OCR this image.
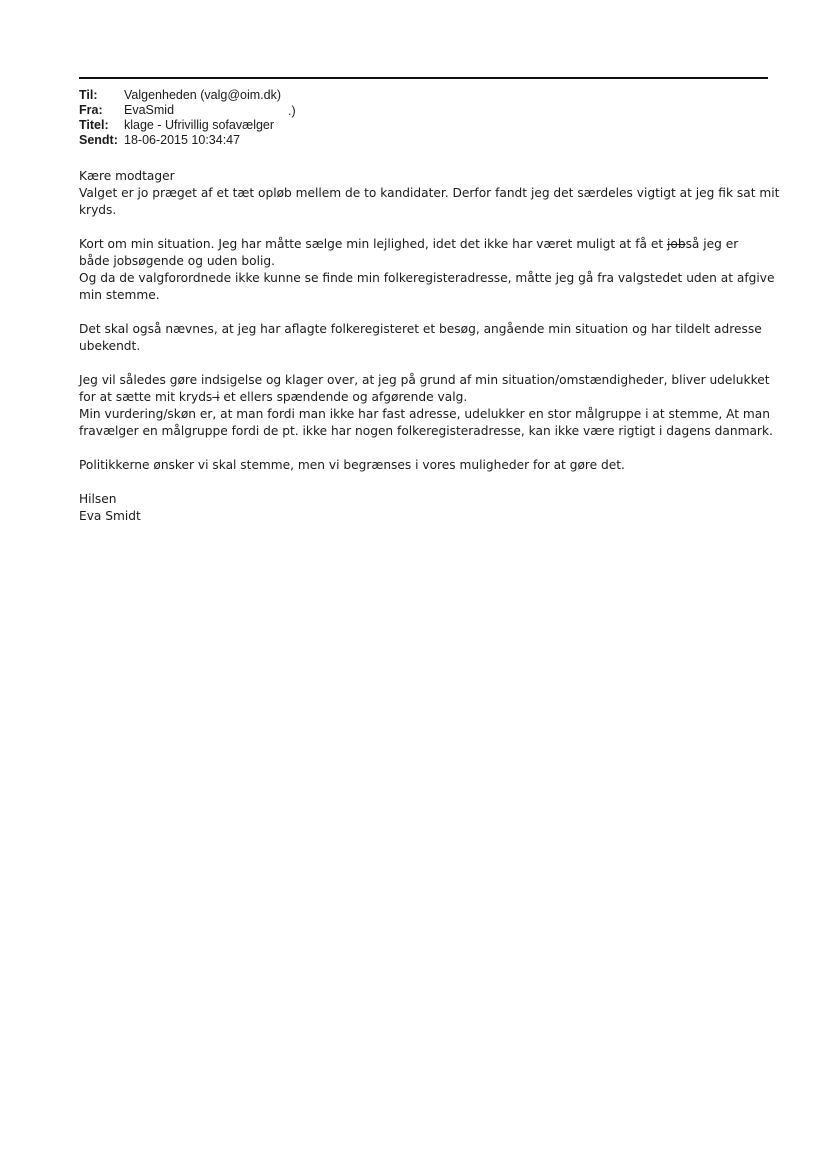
Til:	Valgenheden (valg@oim.dk)
Fra:	EvaSmid
Titel:	klage - Ufrivillig sofavælger
Sendt: 18-06-2015 10:34:47
.)

Kære modtager

Valget er jo præget af et tæt opløb mellem de to kandidater. Derfor fandt jeg det særdeles vigtigt at jeg fik sat mit
kryds.

Kort om min situation. Jeg har måtte sælge min lejlighed, idet det ikke har været muligt at få et jobså jeg er
både jobsøgende og uden bolig.
Og da de valgforordnede ikke kunne se finde min folkeregisteradresse, måtte jeg gå fra valgstedet uden at afgive
min stemme.

Det skal også nævnes, at jeg har aflagte folkeregisteret et besøg, angående min situation og har tildelt adresse
ubekendt.

Jeg vil således gøre indsigelse og klager over, at jeg på grund af min situation/omstændigheder, bliver udelukket
for at sætte mit kryds i et ellers spændende og afgørende valg.
Min vurdering/skøn er, at man fordi man ikke har fast adresse, udelukker en stor målgruppe i at stemme, At man
fravælger en målgruppe fordi de pt. ikke har nogen folkeregisteradresse, kan ikke være rigtigt i dagens danmark.

Politikkerne ønsker vi skal stemme, men vi begrænses i vores muligheder for at gøre det.

Hilsen
Eva Smidt
